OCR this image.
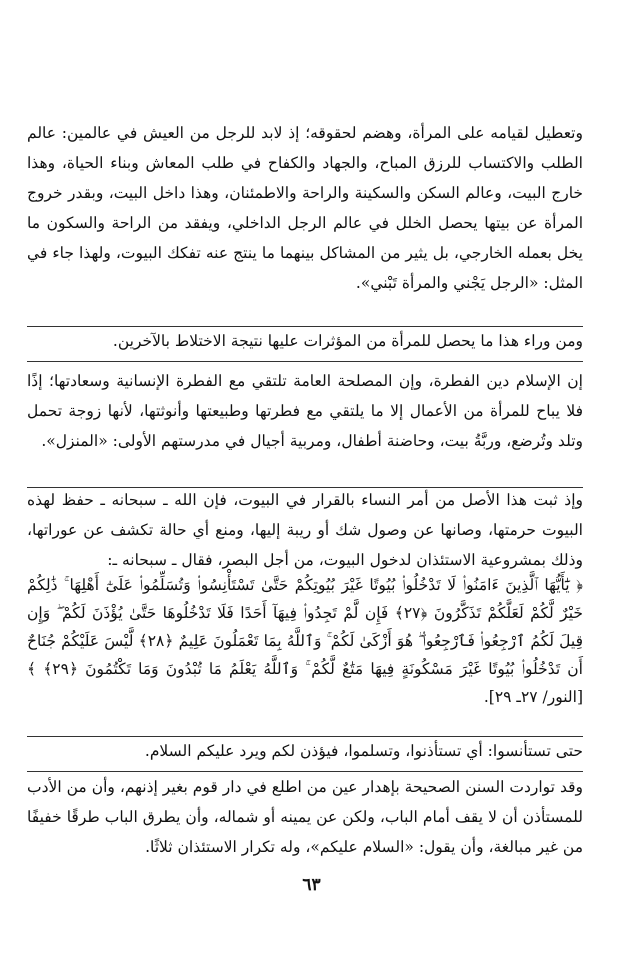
وتعطيل لقيامه على المرأة، وهضم لحقوقه؛ إذ لابد للرجل من العيش في عالمين: عالم الطلب والاكتساب للرزق المباح، والجهاد والكفاح في طلب المعاش وبناء الحياة، وهذا خارج البيت، وعالم السكن والسكينة والراحة والاطمئنان، وهذا داخل البيت، وبقدر خروج المرأة عن بيتها يحصل الخلل في عالم الرجل الداخلي، ويفقد من الراحة والسكون ما يخل بعمله الخارجي، بل يثير من المشاكل بينهما ما ينتج عنه تفكك البيوت، ولهذا جاء في المثل: «الرجل يَجْني والمرأة تَبْني».

ومن وراء هذا ما يحصل للمرأة من المؤثرات عليها نتيجة الاختلاط بالآخرين.

إن الإسلام دين الفطرة، وإن المصلحة العامة تلتقي مع الفطرة الإنسانية وسعادتها؛ إذًا فلا يباح للمرأة من الأعمال إلا ما يلتقي مع فطرتها وطبيعتها وأنوثتها، لأنها زوجة تحمل وتلد وتُرضع، وربَّةُ بيت، وحاضنة أطفال، ومربية أجيال في مدرستهم الأولى: «المنزل».

وإذ ثبت هذا الأصل من أمر النساء بالقرار في البيوت، فإن الله ـ سبحانه ـ حفظ لهذه البيوت حرمتها، وصانها عن وصول شك أو ريبة إليها، ومنع أي حالة تكشف عن عوراتها، وذلك بمشروعية الاستئذان لدخول البيوت، من أجل البصر، فقال ـ سبحانه ـ:

﴿ يَٰٓأَيُّهَا ٱلَّذِينَ ءَامَنُوا۟ لَا تَدْخُلُوا۟ بُيُوتًا غَيْرَ بُيُوتِكُمْ حَتَّىٰ تَسْتَأْنِسُوا۟ وَتُسَلِّمُوا۟ عَلَىٰٓ أَهْلِهَا ۚ ذَٰلِكُمْ خَيْرٌ لَّكُمْ لَعَلَّكُمْ تَذَكَّرُونَ ﴿٢٧﴾ فَإِن لَّمْ تَجِدُوا۟ فِيهَآ أَحَدًا فَلَا تَدْخُلُوهَا حَتَّىٰ يُؤْذَنَ لَكُمْ ۖ وَإِن قِيلَ لَكُمُ ٱرْجِعُوا۟ فَٱرْجِعُوا۟ ۖ هُوَ أَزْكَىٰ لَكُمْ ۚ وَٱللَّهُ بِمَا تَعْمَلُونَ عَلِيمٌ ﴿٢٨﴾ لَّيْسَ عَلَيْكُمْ جُنَاحٌ أَن تَدْخُلُوا۟ بُيُوتًا غَيْرَ مَسْكُونَةٍ فِيهَا مَتَٰعٌ لَّكُمْ ۚ وَٱللَّهُ يَعْلَمُ مَا تُبْدُونَ وَمَا تَكْتُمُونَ ﴿٢٩﴾ ﴾ [النور/ ٢٧ـ ٢٩].

حتى تستأنسوا: أي تستأذنوا، وتسلموا، فيؤذن لكم ويرد عليكم السلام.

وقد تواردت السنن الصحيحة بإهدار عين من اطلع في دار قوم بغير إذنهم، وأن من الأدب للمستأذن أن لا يقف أمام الباب، ولكن عن يمينه أو شماله، وأن يطرق الباب طرقًا خفيفًا من غير مبالغة، وأن يقول: «السلام عليكم»، وله تكرار الاستئذان ثلاثًا.

٦٣
